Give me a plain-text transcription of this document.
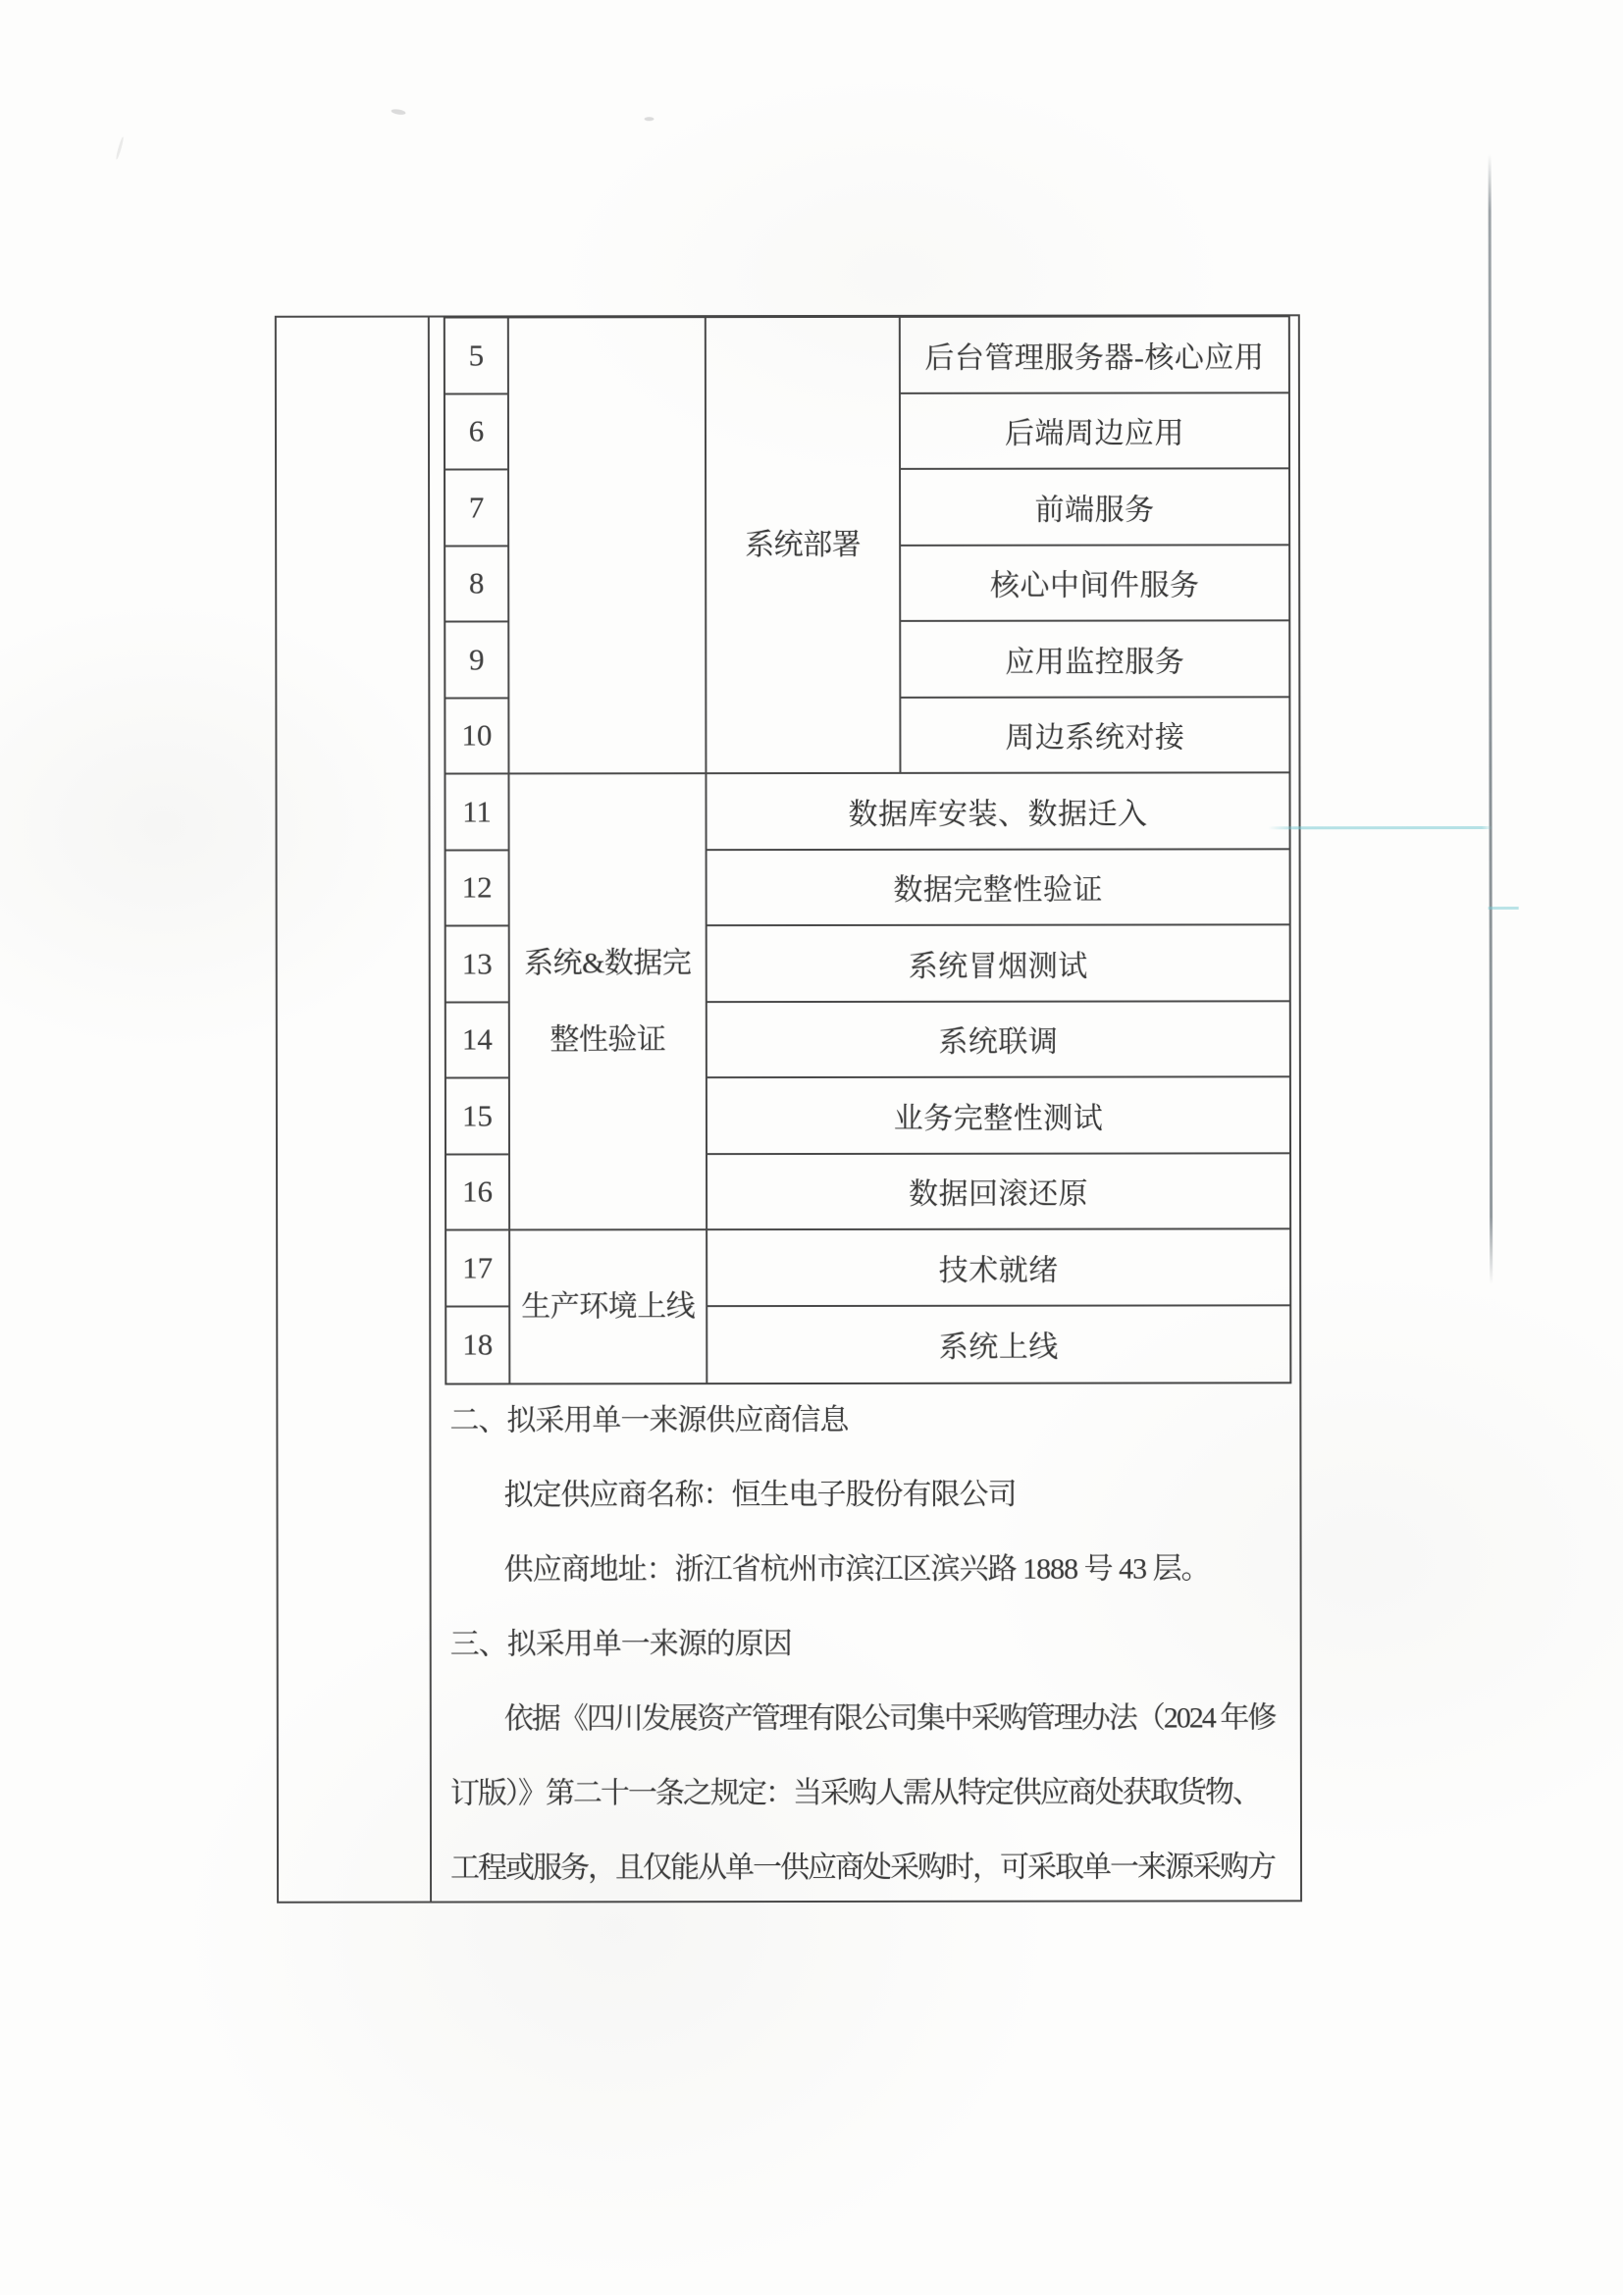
系统部署
5	后台管理服务器-核心应用
6	后端周边应用
7	前端服务
8	核心中间件服务
9	应用监控服务
10	周边系统对接
系统&数据完整性验证
11	数据库安装、数据迁入
12	数据完整性验证
13	系统冒烟测试
14	系统联调
15	业务完整性测试
16	数据回滚还原
生产环境上线
17	技术就绪
18	系统上线
二、拟采用单一来源供应商信息
拟定供应商名称：恒生电子股份有限公司
供应商地址：浙江省杭州市滨江区滨兴路 1888 号 43 层。
三、拟采用单一来源的原因
依据《四川发展资产管理有限公司集中采购管理办法（2024 年修
订版）》第二十一条之规定：当采购人需从特定供应商处获取货物、
工程或服务，且仅能从单一供应商处采购时，可采取单一来源采购方
